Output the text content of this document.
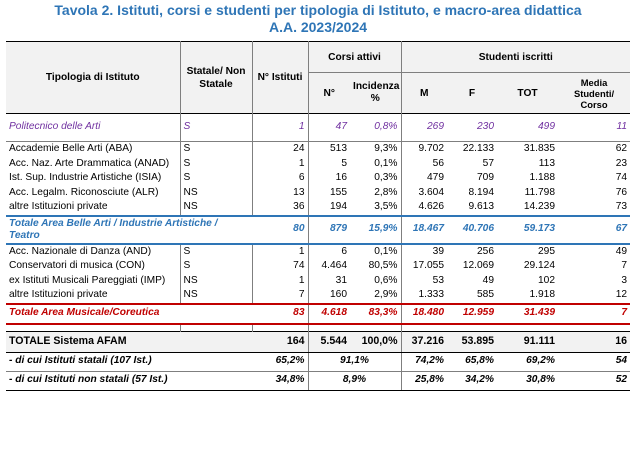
Tavola 2. Istituti, corsi e studenti per tipologia di Istituto, e macro-area didattica
A.A. 2023/2024
Tipologia di Istituto	Statale/ Non Statale	N° Istituti	Corsi attivi		Studenti iscritti			
			N°	Incidenza %	M	F	TOT	Media Studenti/ Corso

Politecnico delle Arti	S	1	47	0,8%	269	230	499	11

Accademie Belle Arti (ABA)	S	24	513	9,3%	9.702	22.133	31.835	62
Acc. Naz. Arte Drammatica (ANAD)	S	1	5	0,1%	56	57	113	23
Ist. Sup. Industrie Artistiche (ISIA)	S	6	16	0,3%	479	709	1.188	74
Acc. Legalm. Riconosciute (ALR)	NS	13	155	2,8%	3.604	8.194	11.798	76
altre Istituzioni private	NS	36	194	3,5%	4.626	9.613	14.239	73
Totale Area Belle Arti / Industrie Artistiche / Teatro		80	879	15,9%	18.467	40.706	59.173	67
Acc. Nazionale di Danza (AND)	S	1	6	0,1%	39	256	295	49
Conservatori di musica (CON)	S	74	4.464	80,5%	17.055	12.069	29.124	7
ex Istituti Musicali Pareggiati (IMP)	NS	1	31	0,6%	53	49	102	3
altre Istituzioni private	NS	7	160	2,9%	1.333	585	1.918	12
Totale Area Musicale/Coreutica		83	4.618	83,3%	18.480	12.959	31.439	7

TOTALE Sistema AFAM		164	5.544	100,0%	37.216	53.895	91.111	16
- di cui Istituti statali (107 Ist.)		65,2%	91,1%		74,2%	65,8%	69,2%	54
- di cui Istituti non statali (57 Ist.)		34,8%	8,9%		25,8%	34,2%	30,8%	52
